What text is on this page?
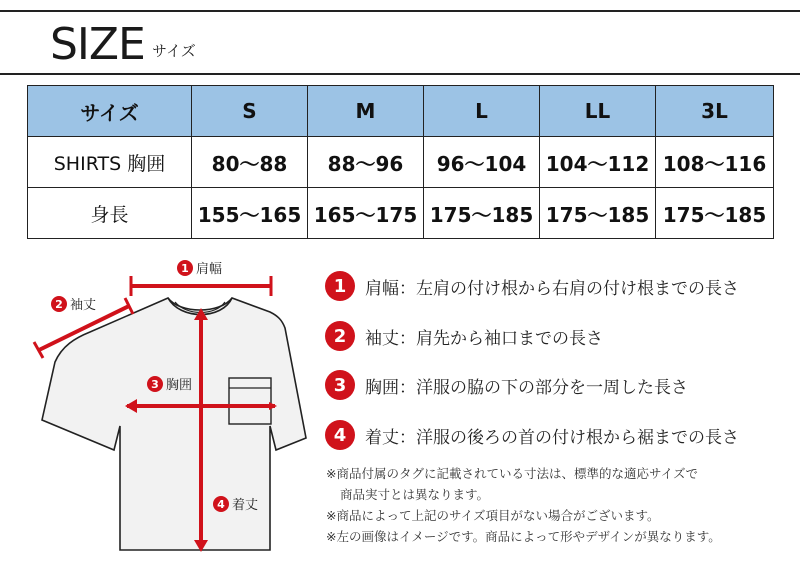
SIZE サイズ
サイズ	S	M	L	LL	3L
SHIRTS 胸囲	80〜88	88〜96	96〜104	104〜112	108〜116
身長	155〜165	165〜175	175〜185	175〜185	175〜185
1 肩幅
2 袖丈
3 胸囲
4 着丈
1	肩幅：左肩の付け根から右肩の付け根までの長さ
2	袖丈：肩先から袖口までの長さ
3	胸囲：洋服の脇の下の部分を一周した長さ
4	着丈：洋服の後ろの首の付け根から裾までの長さ
※商品付属のタグに記載されている寸法は、標準的な適応サイズで
商品実寸とは異なります。
※商品によって上記のサイズ項目がない場合がございます。
※左の画像はイメージです。商品によって形やデザインが異なります。
